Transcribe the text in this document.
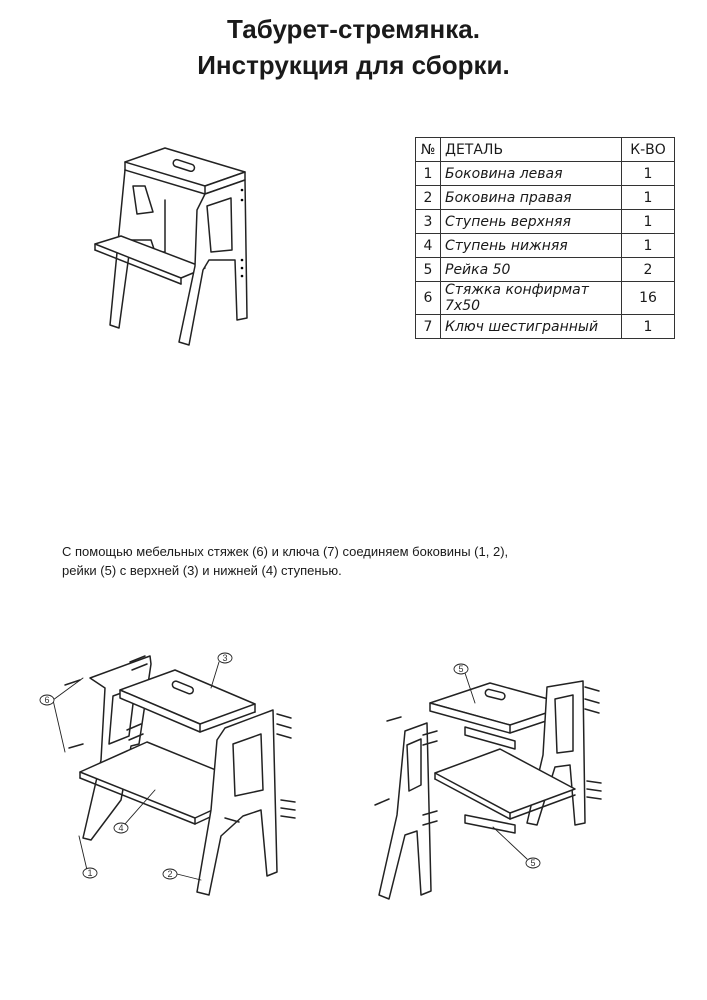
Табурет-стремянка.
Инструкция для сборки.
№	ДЕТАЛЬ	К-ВО
1	Боковина левая	1
2	Боковина правая	1
3	Ступень верхняя	1
4	Ступень нижняя	1
5	Рейка 50	2
6	Стяжка конфирмат 7х50	16
7	Ключ шестигранный	1

С помощью мебельных стяжек (6) и ключа (7) соединяем боковины (1, 2),

рейки (5) с верхней (3) и нижней (4) ступенью.

6
3
4
1	2
5
5
